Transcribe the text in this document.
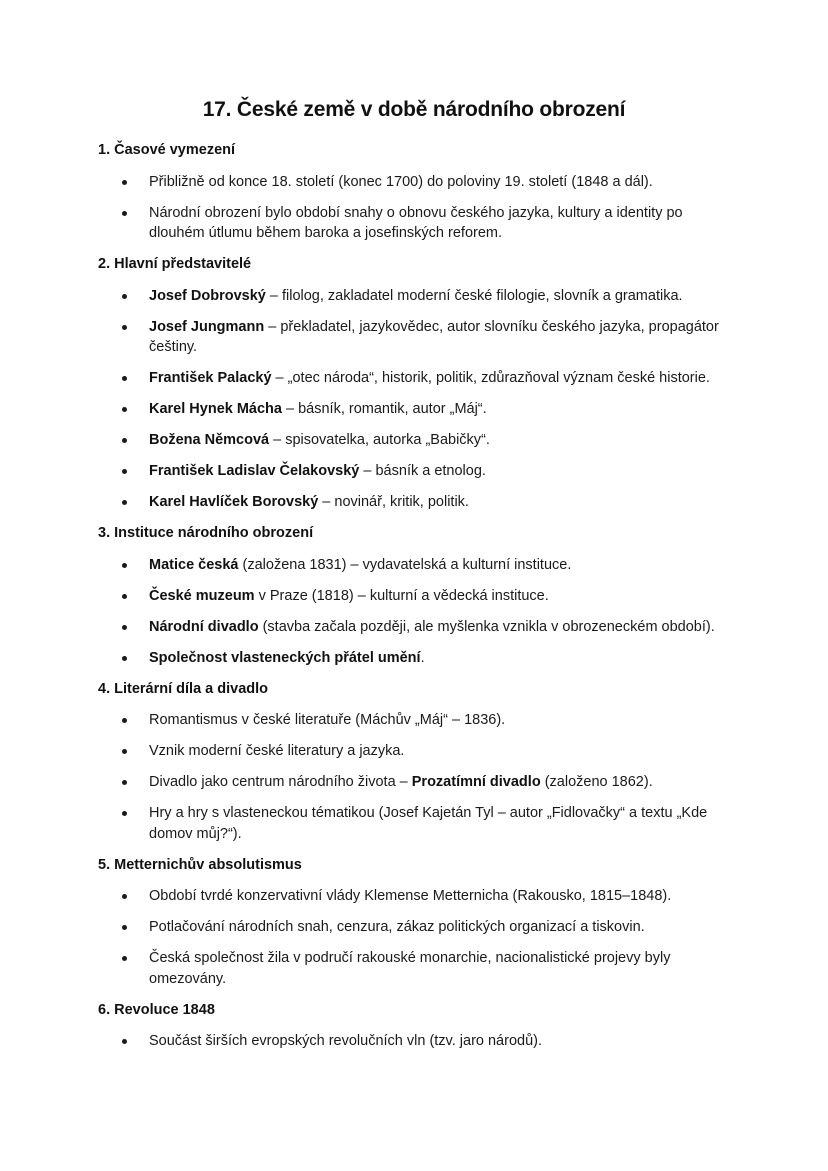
17. České země v době národního obrození
1. Časové vymezení
Přibližně od konce 18. století (konec 1700) do poloviny 19. století (1848 a dál).
Národní obrození bylo období snahy o obnovu českého jazyka, kultury a identity po dlouhém útlumu během baroka a josefinských reforem.
2. Hlavní představitelé
Josef Dobrovský – filolog, zakladatel moderní české filologie, slovník a gramatika.
Josef Jungmann – překladatel, jazykovědec, autor slovníku českého jazyka, propagátor češtiny.
František Palacký – „otec národa“, historik, politik, zdůrazňoval význam české historie.
Karel Hynek Mácha – básník, romantik, autor „Máj“.
Božena Němcová – spisovatelka, autorka „Babičky“.
František Ladislav Čelakovský – básník a etnolog.
Karel Havlíček Borovský – novinář, kritik, politik.
3. Instituce národního obrození
Matice česká (založena 1831) – vydavatelská a kulturní instituce.
České muzeum v Praze (1818) – kulturní a vědecká instituce.
Národní divadlo (stavba začala později, ale myšlenka vznikla v obrozeneckém období).
Společnost vlasteneckých přátel umění.
4. Literární díla a divadlo
Romantismus v české literatuře (Máchův „Máj“ – 1836).
Vznik moderní české literatury a jazyka.
Divadlo jako centrum národního života – Prozatímní divadlo (založeno 1862).
Hry a hry s vlasteneckou tématikou (Josef Kajetán Tyl – autor „Fidlovačky“ a textu „Kde domov můj?“).
5. Metternichův absolutismus
Období tvrdé konzervativní vlády Klemense Metternicha (Rakousko, 1815–1848).
Potlačování národních snah, cenzura, zákaz politických organizací a tiskovin.
Česká společnost žila v područí rakouské monarchie, nacionalistické projevy byly omezovány.
6. Revoluce 1848
Součást širších evropských revolučních vln (tzv. jaro národů).
